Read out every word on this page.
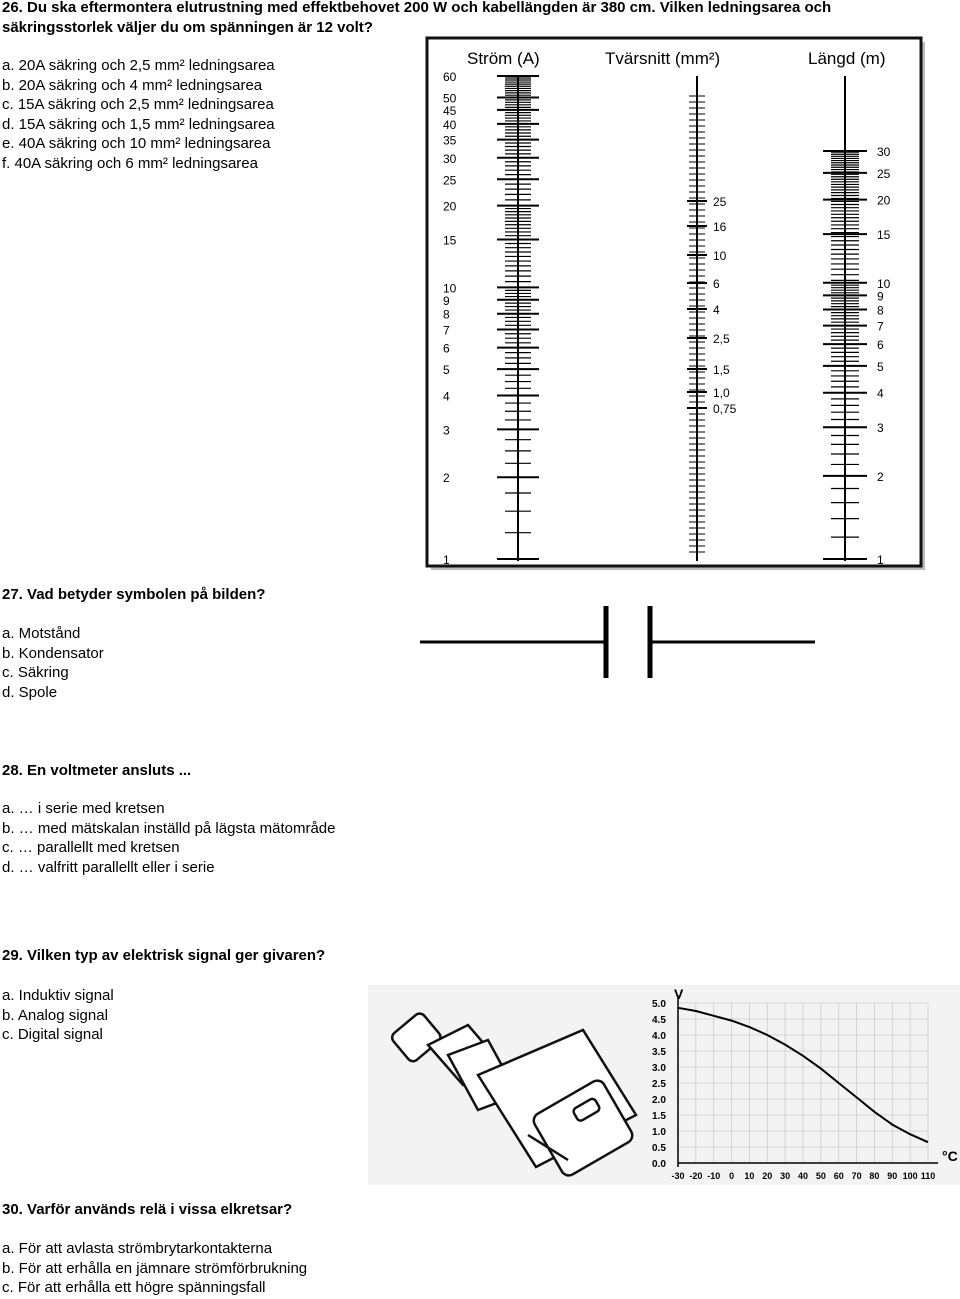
26. Du ska eftermontera elutrustning med effektbehovet 200 W och kabellängden är 380 cm. Vilken ledningsarea och
säkringsstorlek väljer du om spänningen är 12 volt?
a. 20A säkring och 2,5 mm² ledningsarea
b. 20A säkring och 4 mm² ledningsarea
c. 15A säkring och 2,5 mm² ledningsarea
d. 15A säkring och 1,5 mm² ledningsarea
e. 40A säkring och 10 mm² ledningsarea
f. 40A säkring och 6 mm² ledningsarea
Ström (A)	Tvärsnitt (mm²)	Längd (m)
60
50
45
40
35
30
25
20
15
10
9
8
7
6
5
4
3
2
1
25
16
10
6
4
2,5
1,5
1,0
0,75
30
25
20
15
10
9
8
7
6
5
4
3
2
1
27. Vad betyder symbolen på bilden?
a. Motstånd
b. Kondensator
c. Säkring
d. Spole
28. En voltmeter ansluts ...
a. … i serie med kretsen
b. … med mätskalan inställd på lägsta mätområde
c. … parallellt med kretsen
d. … valfritt parallellt eller i serie
29. Vilken typ av elektrisk signal ger givaren?
a. Induktiv signal
b. Analog signal
c. Digital signal
5.0
4.5
4.0
3.5
3.0
2.5
2.0
1.5
1.0
0.5
0.0
-30 -20 -10 0 10 20 30 40 50 60 70 80 90 100 110
V
°C
30. Varför används relä i vissa elkretsar?
a. För att avlasta strömbrytarkontakterna
b. För att erhålla en jämnare strömförbrukning
c. För att erhålla ett högre spänningsfall
